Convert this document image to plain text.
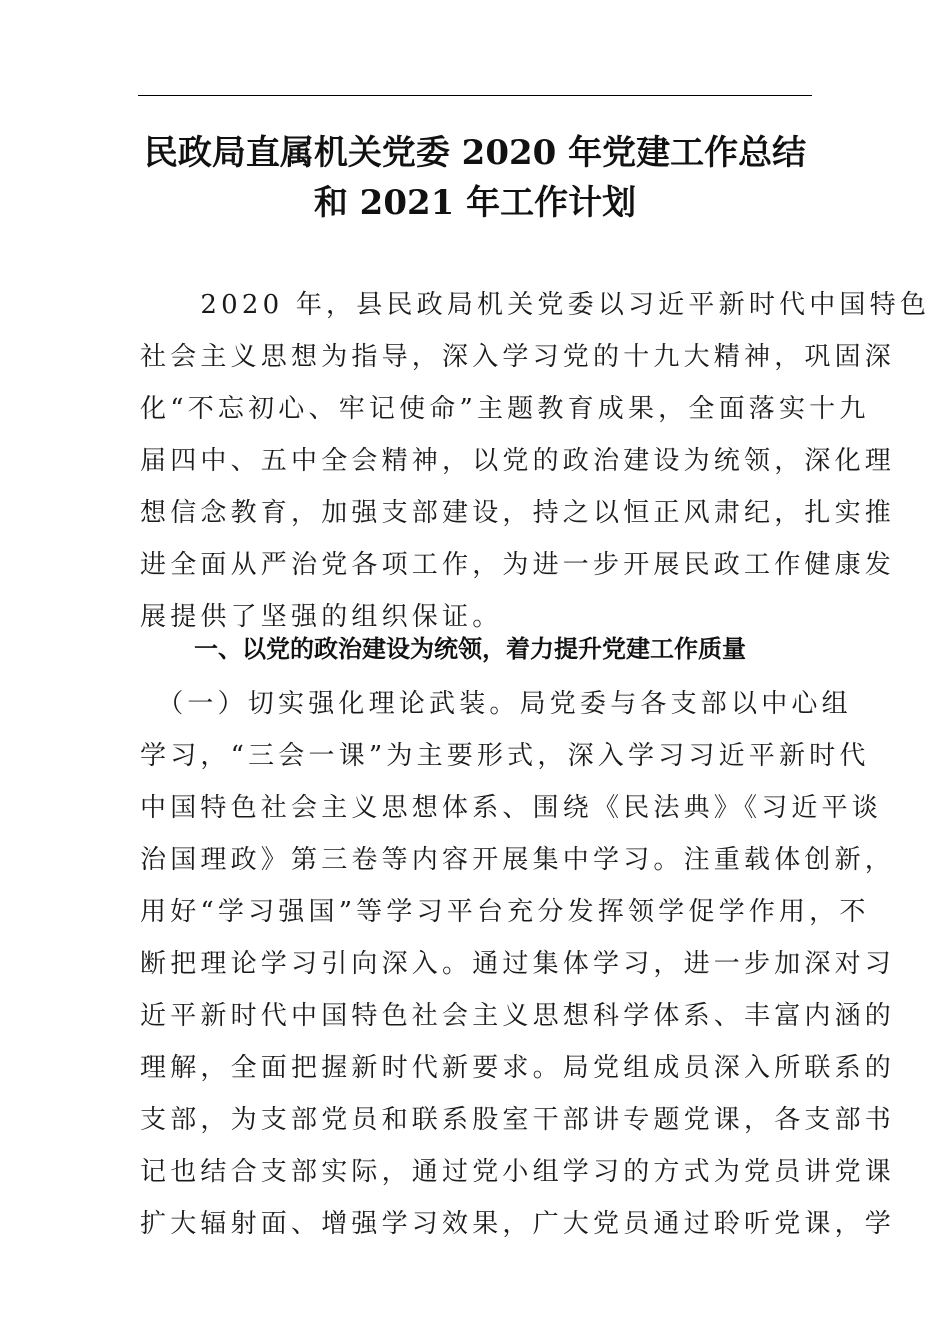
民政局直属机关党委 2020 年党建工作总结
和 2021 年工作计划
　　2020 年，县民政局机关党委以习近平新时代中国特色
社会主义思想为指导，深入学习党的十九大精神，巩固深
化“不忘初心、牢记使命”主题教育成果，全面落实十九
届四中、五中全会精神，以党的政治建设为统领，深化理
想信念教育，加强支部建设，持之以恒正风肃纪，扎实推
进全面从严治党各项工作，为进一步开展民政工作健康发
展提供了坚强的组织保证。
一、以党的政治建设为统领，着力提升党建工作质量
　（一）切实强化理论武装。局党委与各支部以中心组
学习，“三会一课”为主要形式，深入学习习近平新时代
中国特色社会主义思想体系、围绕《民法典》《习近平谈
治国理政》第三卷等内容开展集中学习。注重载体创新，
用好“学习强国”等学习平台充分发挥领学促学作用，不
断把理论学习引向深入。通过集体学习，进一步加深对习
近平新时代中国特色社会主义思想科学体系、丰富内涵的
理解，全面把握新时代新要求。局党组成员深入所联系的
支部，为支部党员和联系股室干部讲专题党课，各支部书
记也结合支部实际，通过党小组学习的方式为党员讲党课
扩大辐射面、增强学习效果，广大党员通过聆听党课，学
